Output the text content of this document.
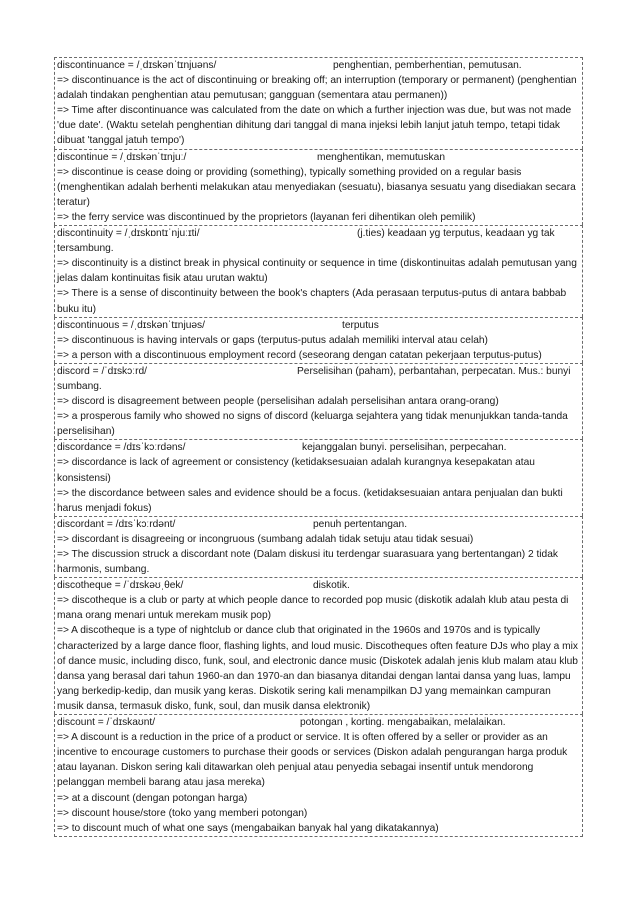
discontinuance = /ˌdɪskənˈtɪnjuəns/	penghentian, pemberhentian, pemutusan.
=> discontinuance is the act of discontinuing or breaking off; an interruption (temporary or permanent) (penghentian adalah tindakan penghentian atau pemutusan; gangguan (sementara atau permanen))
=> Time after discontinuance was calculated from the date on which a further injection was due, but was not made 'due date'. (Waktu setelah penghentian dihitung dari tanggal di mana injeksi lebih lanjut jatuh tempo, tetapi tidak dibuat 'tanggal jatuh tempo')
discontinue = /ˌdɪskənˈtɪnjuː/	menghentikan, memutuskan
=> discontinue is cease doing or providing (something), typically something provided on a regular basis (menghentikan adalah berhenti melakukan atau menyediakan (sesuatu), biasanya sesuatu yang disediakan secara teratur)
=> the ferry service was discontinued by the proprietors (layanan feri dihentikan oleh pemilik)
discontinuity = /ˌdɪskɒntɪˈnjuːɪti/	(j.ties) keadaan yg terputus, keadaan yg tak tersambung.
=> discontinuity is a distinct break in physical continuity or sequence in time (diskontinuitas adalah pemutusan yang jelas dalam kontinuitas fisik atau urutan waktu)
=> There is a sense of discontinuity between the book's chapters (Ada perasaan terputus-putus di antara babbab buku itu)
discontinuous = /ˌdɪskənˈtɪnjuəs/	terputus
=> discontinuous is having intervals or gaps (terputus-putus adalah memiliki interval atau celah)
=> a person with a discontinuous employment record (seseorang dengan catatan pekerjaan terputus-putus)
discord = /ˈdɪskɔːrd/	Perselisihan (paham), perbantahan, perpecatan. Mus.: bunyi sumbang.
=> discord is disagreement between people (perselisihan adalah perselisihan antara orang-orang)
=> a prosperous family who showed no signs of discord (keluarga sejahtera yang tidak menunjukkan tanda-tanda perselisihan)
discordance = /dɪsˈkɔːrdəns/	kejanggalan bunyi. perselisihan, perpecahan.
=> discordance is lack of agreement or consistency (ketidaksesuaian adalah kurangnya kesepakatan atau konsistensi)
=> the discordance between sales and evidence should be a focus. (ketidaksesuaian antara penjualan dan bukti harus menjadi fokus)
discordant = /dɪsˈkɔːrdənt/	penuh pertentangan.
=> discordant is disagreeing or incongruous (sumbang adalah tidak setuju atau tidak sesuai)
=> The discussion struck a discordant note (Dalam diskusi itu terdengar suarasuara yang bertentangan) 2 tidak harmonis, sumbang.
discotheque = /ˈdɪskəʊˌθek/	diskotik.
=> discotheque is a club or party at which people dance to recorded pop music (diskotik adalah klub atau pesta di mana orang menari untuk merekam musik pop)
=> A discotheque is a type of nightclub or dance club that originated in the 1960s and 1970s and is typically characterized by a large dance floor, flashing lights, and loud music. Discotheques often feature DJs who play a mix of dance music, including disco, funk, soul, and electronic dance music (Diskotek adalah jenis klub malam atau klub dansa yang berasal dari tahun 1960-an dan 1970-an dan biasanya ditandai dengan lantai dansa yang luas, lampu yang berkedip-kedip, dan musik yang keras. Diskotik sering kali menampilkan DJ yang memainkan campuran musik dansa, termasuk disko, funk, soul, dan musik dansa elektronik)
discount = /ˈdɪskaʊnt/	potongan , korting. mengabaikan, melalaikan.
=> A discount is a reduction in the price of a product or service. It is often offered by a seller or provider as an incentive to encourage customers to purchase their goods or services (Diskon adalah pengurangan harga produk atau layanan. Diskon sering kali ditawarkan oleh penjual atau penyedia sebagai insentif untuk mendorong pelanggan membeli barang atau jasa mereka)
=> at a discount (dengan potongan harga)
=> discount house/store (toko yang memberi potongan)
=> to discount much of what one says (mengabaikan banyak hal yang dikatakannya)
